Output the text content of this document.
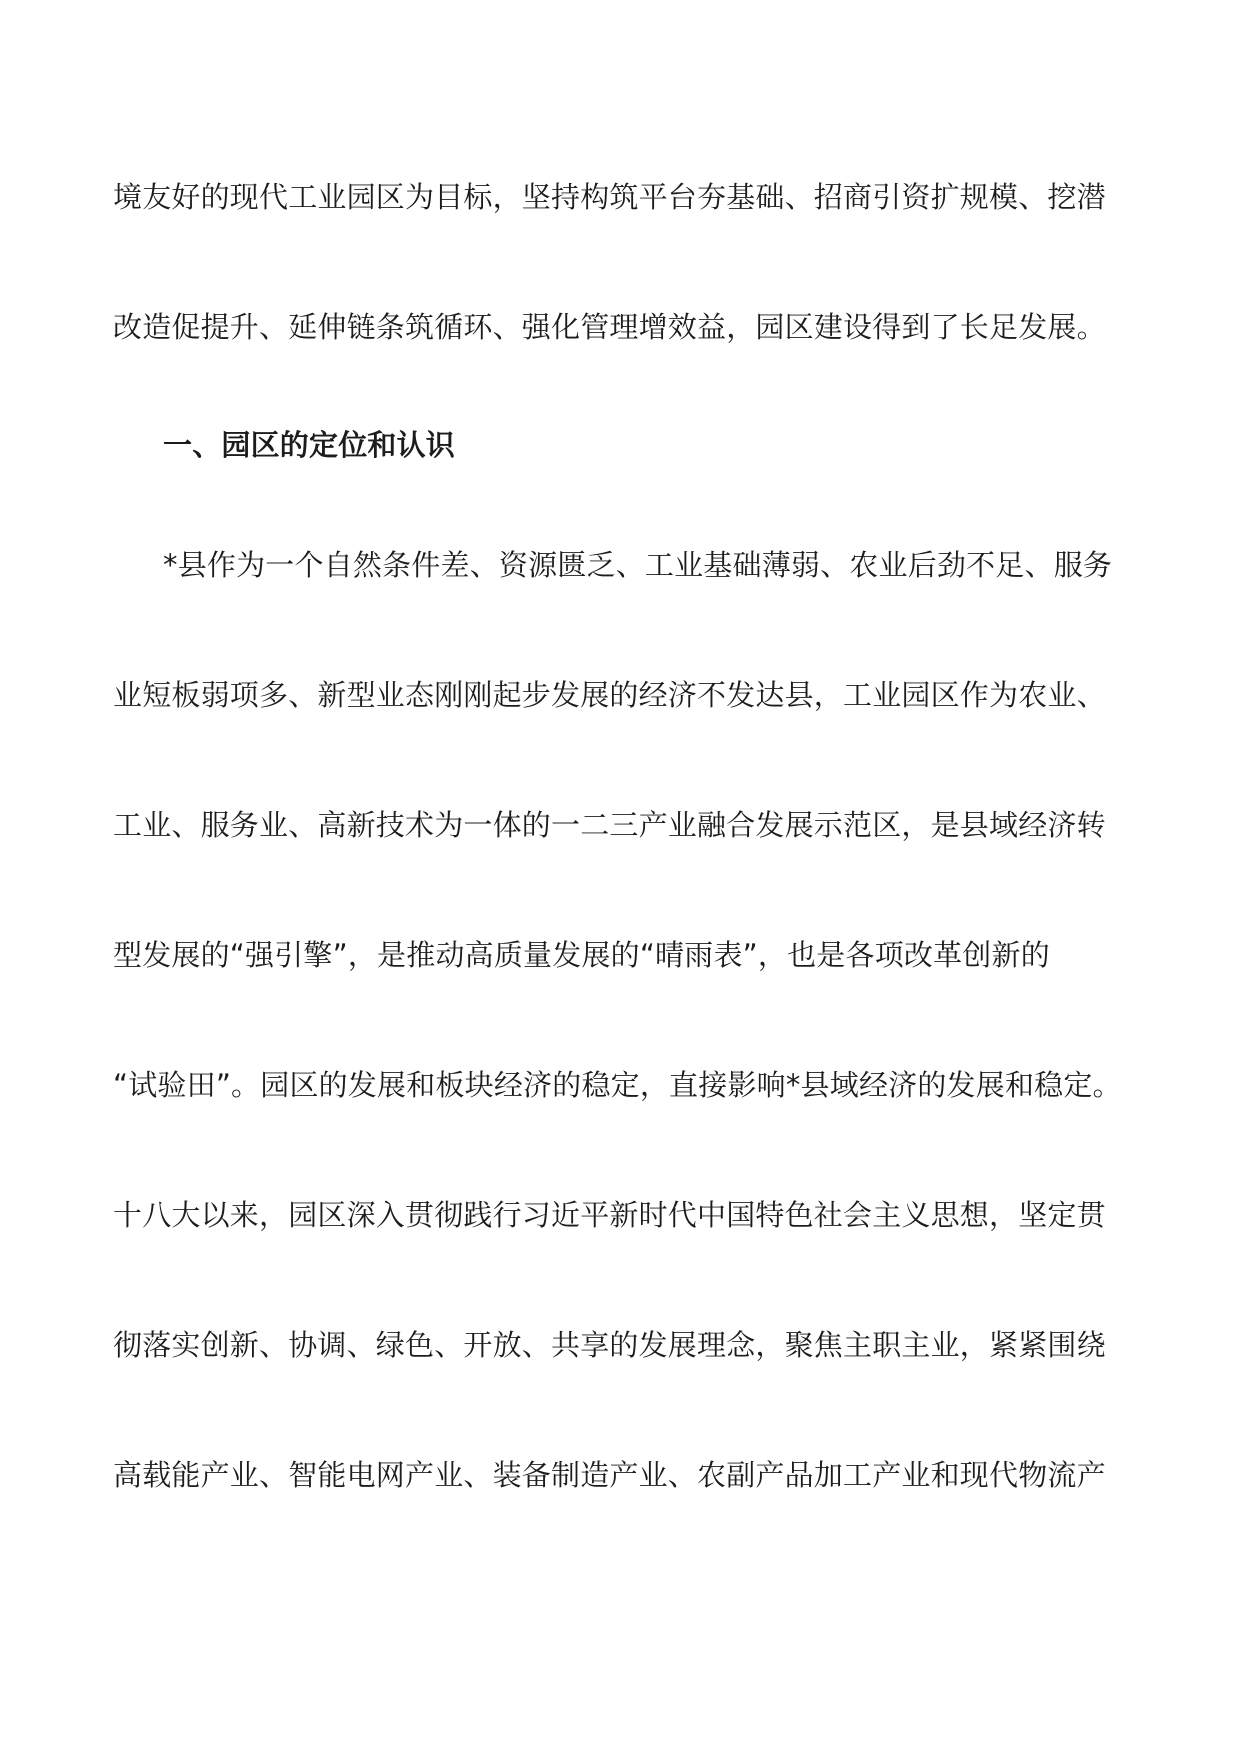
境友好的现代工业园区为目标，坚持构筑平台夯基础、招商引资扩规模、挖潜
改造促提升、延伸链条筑循环、强化管理增效益，园区建设得到了长足发展。
一、园区的定位和认识
*县作为一个自然条件差、资源匮乏、工业基础薄弱、农业后劲不足、服务
业短板弱项多、新型业态刚刚起步发展的经济不发达县，工业园区作为农业、
工业、服务业、高新技术为一体的一二三产业融合发展示范区，是县域经济转
型发展的“强引擎”，是推动高质量发展的“晴雨表”，也是各项改革创新的
“试验田”。园区的发展和板块经济的稳定，直接影响*县域经济的发展和稳定。
十八大以来，园区深入贯彻践行习近平新时代中国特色社会主义思想，坚定贯
彻落实创新、协调、绿色、开放、共享的发展理念，聚焦主职主业，紧紧围绕
高载能产业、智能电网产业、装备制造产业、农副产品加工产业和现代物流产
